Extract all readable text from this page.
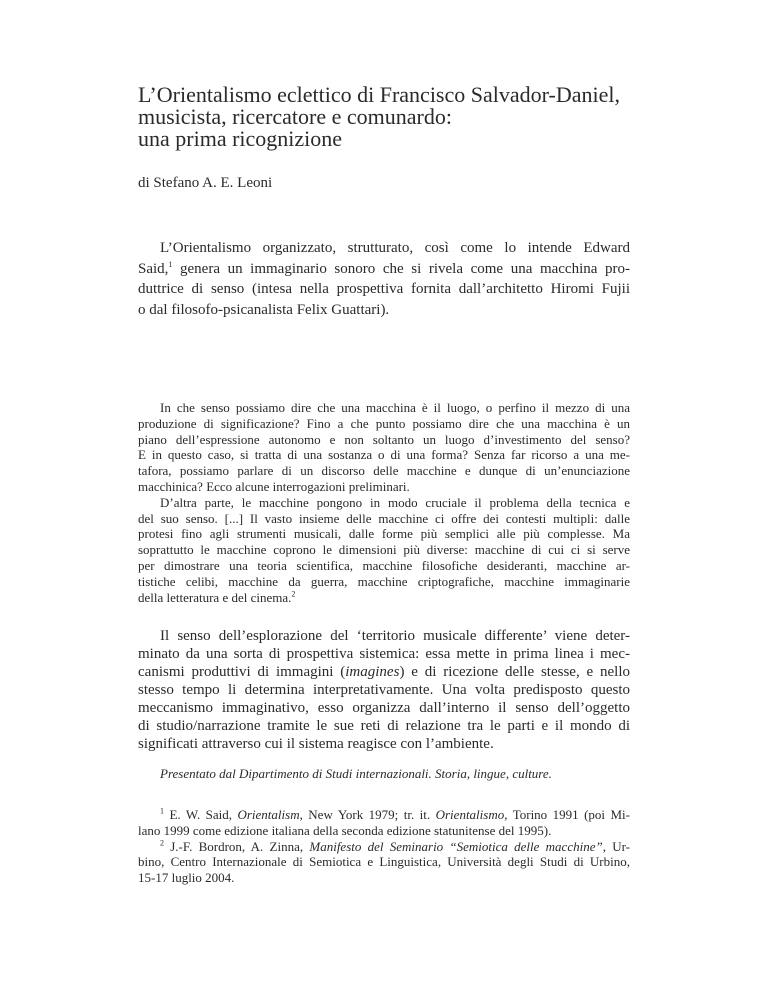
L’Orientalismo eclettico di Francisco Salvador-Daniel,
musicista, ricercatore e comunardo:
una prima ricognizione
di Stefano A. E. Leoni
L’Orientalismo organizzato, strutturato, così come lo intende Edward
Said,$^1$ genera un immaginario sonoro che si rivela come una macchina pro-
duttrice di senso (intesa nella prospettiva fornita dall’architetto Hiromi Fujii
o dal filosofo-psicanalista Felix Guattari).
In che senso possiamo dire che una macchina è il luogo, o perfino il mezzo di una
produzione di significazione? Fino a che punto possiamo dire che una macchina è un
piano dell’espressione autonomo e non soltanto un luogo d’investimento del senso?
E in questo caso, si tratta di una sostanza o di una forma? Senza far ricorso a una me-
tafora, possiamo parlare di un discorso delle macchine e dunque di un’enunciazione
macchinica? Ecco alcune interrogazioni preliminari.
D’altra parte, le macchine pongono in modo cruciale il problema della tecnica e
del suo senso. [...] Il vasto insieme delle macchine ci offre dei contesti multipli: dalle
protesi fino agli strumenti musicali, dalle forme più semplici alle più complesse. Ma
soprattutto le macchine coprono le dimensioni più diverse: macchine di cui ci si serve
per dimostrare una teoria scientifica, macchine filosofiche desideranti, macchine ar-
tistiche celibi, macchine da guerra, macchine criptografiche, macchine immaginarie
della letteratura e del cinema.$^2$
Il senso dell’esplorazione del ‘territorio musicale differente’ viene deter-
minato da una sorta di prospettiva sistemica: essa mette in prima linea i mec-
canismi produttivi di immagini (imagines) e di ricezione delle stesse, e nello
stesso tempo li determina interpretativamente. Una volta predisposto questo
meccanismo immaginativo, esso organizza dall’interno il senso dell’oggetto
di studio/narrazione tramite le sue reti di relazione tra le parti e il mondo di
significati attraverso cui il sistema reagisce con l’ambiente.
Presentato dal Dipartimento di Studi internazionali. Storia, lingue, culture.
$^1$ E. W. Said, Orientalism, New York 1979; tr. it. Orientalismo, Torino 1991 (poi Mi-
lano 1999 come edizione italiana della seconda edizione statunitense del 1995).
$^2$ J.-F. Bordron, A. Zinna, Manifesto del Seminario “Semiotica delle macchine”, Ur-
bino, Centro Internazionale di Semiotica e Linguistica, Università degli Studi di Urbino,
15-17 luglio 2004.
